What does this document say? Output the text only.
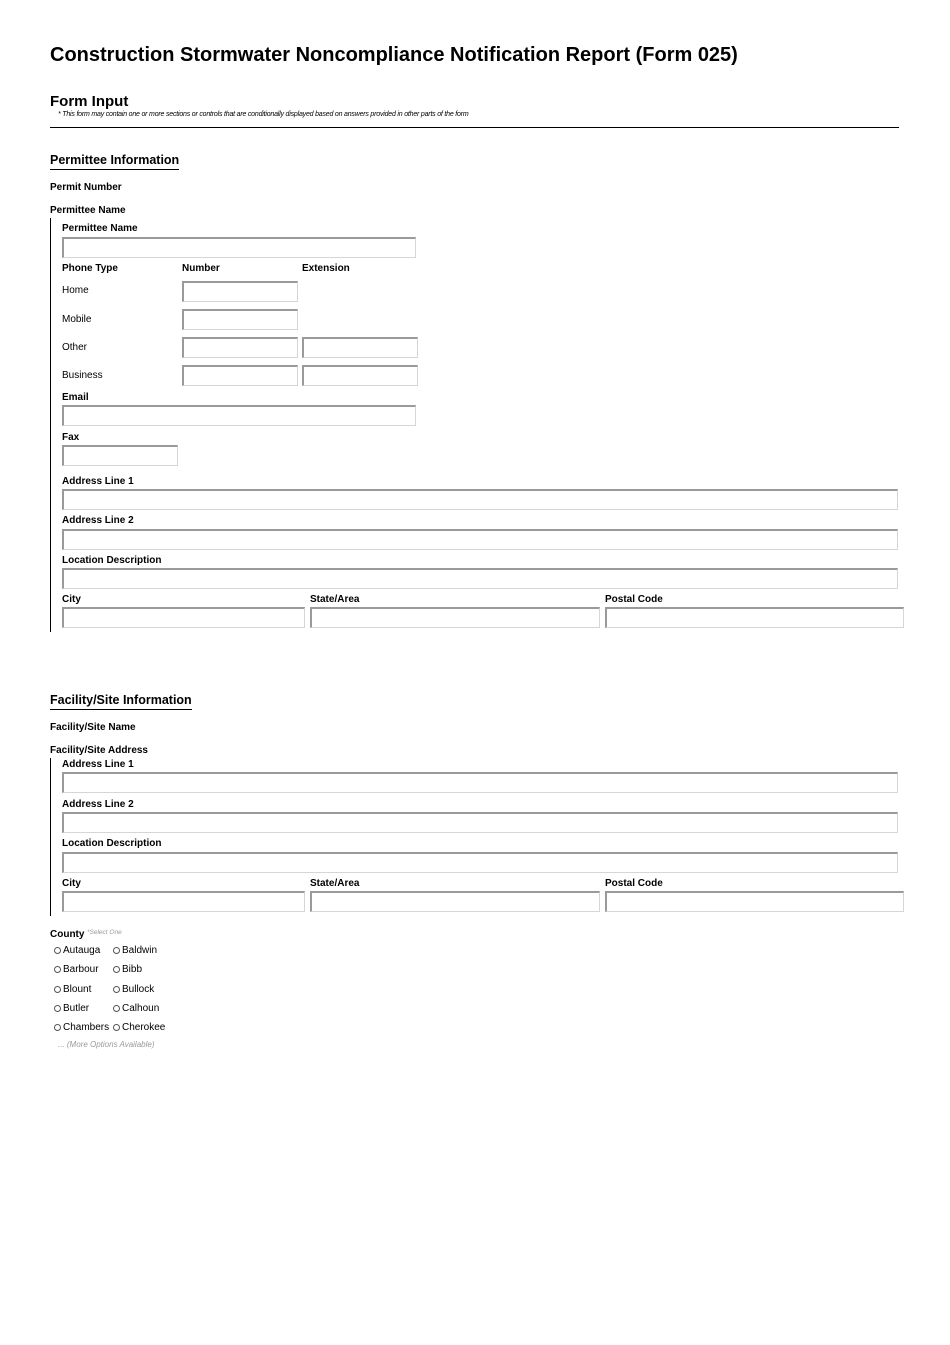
Construction Stormwater Noncompliance Notification Report (Form 025)
Form Input
* This form may contain one or more sections or controls that are conditionally displayed based on answers provided in other parts of the form
Permittee Information
Permit Number
Permittee Name
Permittee Name
Phone Type	Number	Extension
Home
Mobile
Other
Business
Email
Fax
Address Line 1
Address Line 2
Location Description
City	State/Area	Postal Code
Facility/Site Information
Facility/Site Name
Facility/Site Address
Address Line 1
Address Line 2
Location Description
City	State/Area	Postal Code
County *Select One
Autauga Baldwin
Barbour Bibb
Blount	Bullock
Butler	Calhoun
Chambers Cherokee
... (More Options Available)
